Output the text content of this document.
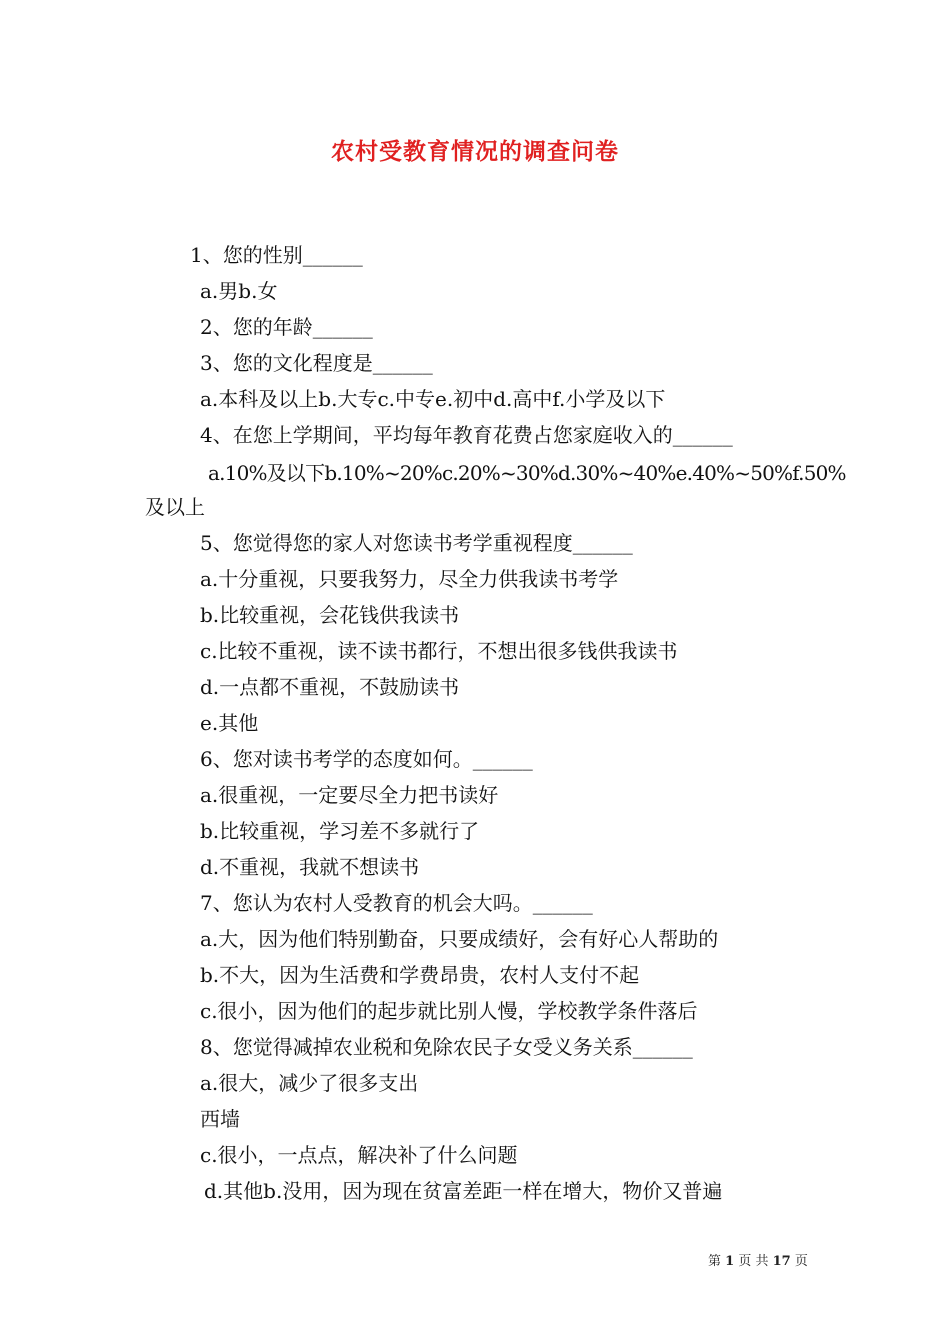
农村受教育情况的调查问卷
1、您的性别______
a.男b.女
2、您的年龄______
3、您的文化程度是______
a.本科及以上b.大专c.中专e.初中d.高中f.小学及以下
4、在您上学期间，平均每年教育花费占您家庭收入的______
a.10%及以下b.10%~20%c.20%~30%d.30%~40%e.40%~50%f.50%
及以上
5、您觉得您的家人对您读书考学重视程度______
a.十分重视，只要我努力，尽全力供我读书考学
b.比较重视，会花钱供我读书
c.比较不重视，读不读书都行，不想出很多钱供我读书
d.一点都不重视，不鼓励读书
e.其他
6、您对读书考学的态度如何。______
a.很重视，一定要尽全力把书读好
b.比较重视，学习差不多就行了
d.不重视，我就不想读书
7、您认为农村人受教育的机会大吗。______
a.大，因为他们特别勤奋，只要成绩好，会有好心人帮助的
b.不大，因为生活费和学费昂贵，农村人支付不起
c.很小，因为他们的起步就比别人慢，学校教学条件落后
8、您觉得减掉农业税和免除农民子女受义务关系______
a.很大，减少了很多支出
西墙
c.很小，一点点，解决补了什么问题
d.其他b.没用，因为现在贫富差距一样在增大，物价又普遍
第 1 页 共 17 页
